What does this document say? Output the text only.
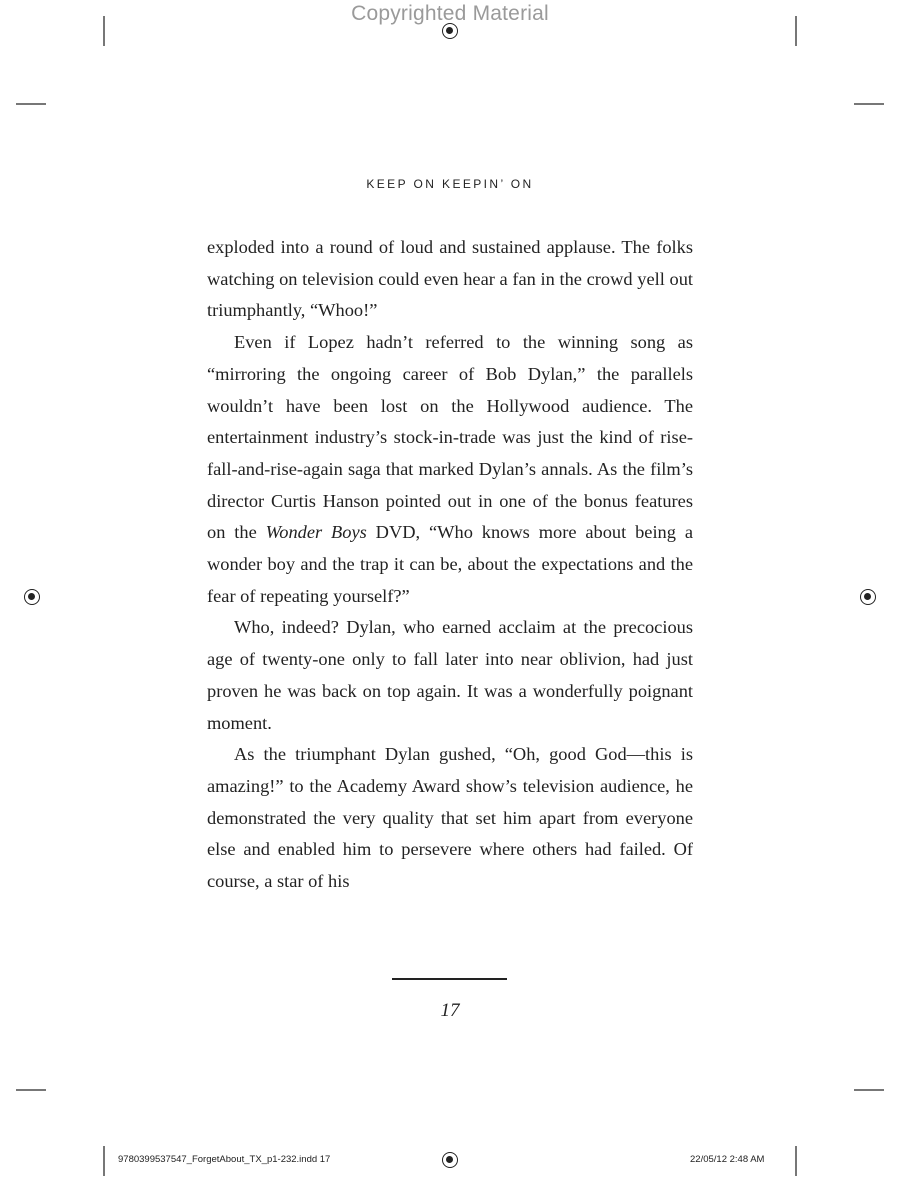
Copyrighted Material
KEEP ON KEEPIN’ ON

exploded into a round of loud and sustained applause. The folks watching on television could even hear a fan in the crowd yell out triumphantly, “Whoo!”

Even if Lopez hadn’t referred to the winning song as “mirroring the ongoing career of Bob Dylan,” the parallels wouldn’t have been lost on the Hollywood audience. The entertainment industry’s stock-in-trade was just the kind of rise-fall-and-rise-again saga that marked Dylan’s annals. As the film’s director Curtis Hanson pointed out in one of the bonus features on the Wonder Boys DVD, “Who knows more about being a wonder boy and the trap it can be, about the expectations and the fear of repeating yourself?”

Who, indeed? Dylan, who earned acclaim at the precocious age of twenty-one only to fall later into near oblivion, had just proven he was back on top again. It was a wonderfully poignant moment.

As the triumphant Dylan gushed, “Oh, good God—this is amazing!” to the Academy Award show’s television audience, he demonstrated the very quality that set him apart from everyone else and enabled him to persevere where others had failed. Of course, a star of his

17
9780399537547_ForgetAbout_TX_p1-232.indd 17	22/05/12 2:48 AM
